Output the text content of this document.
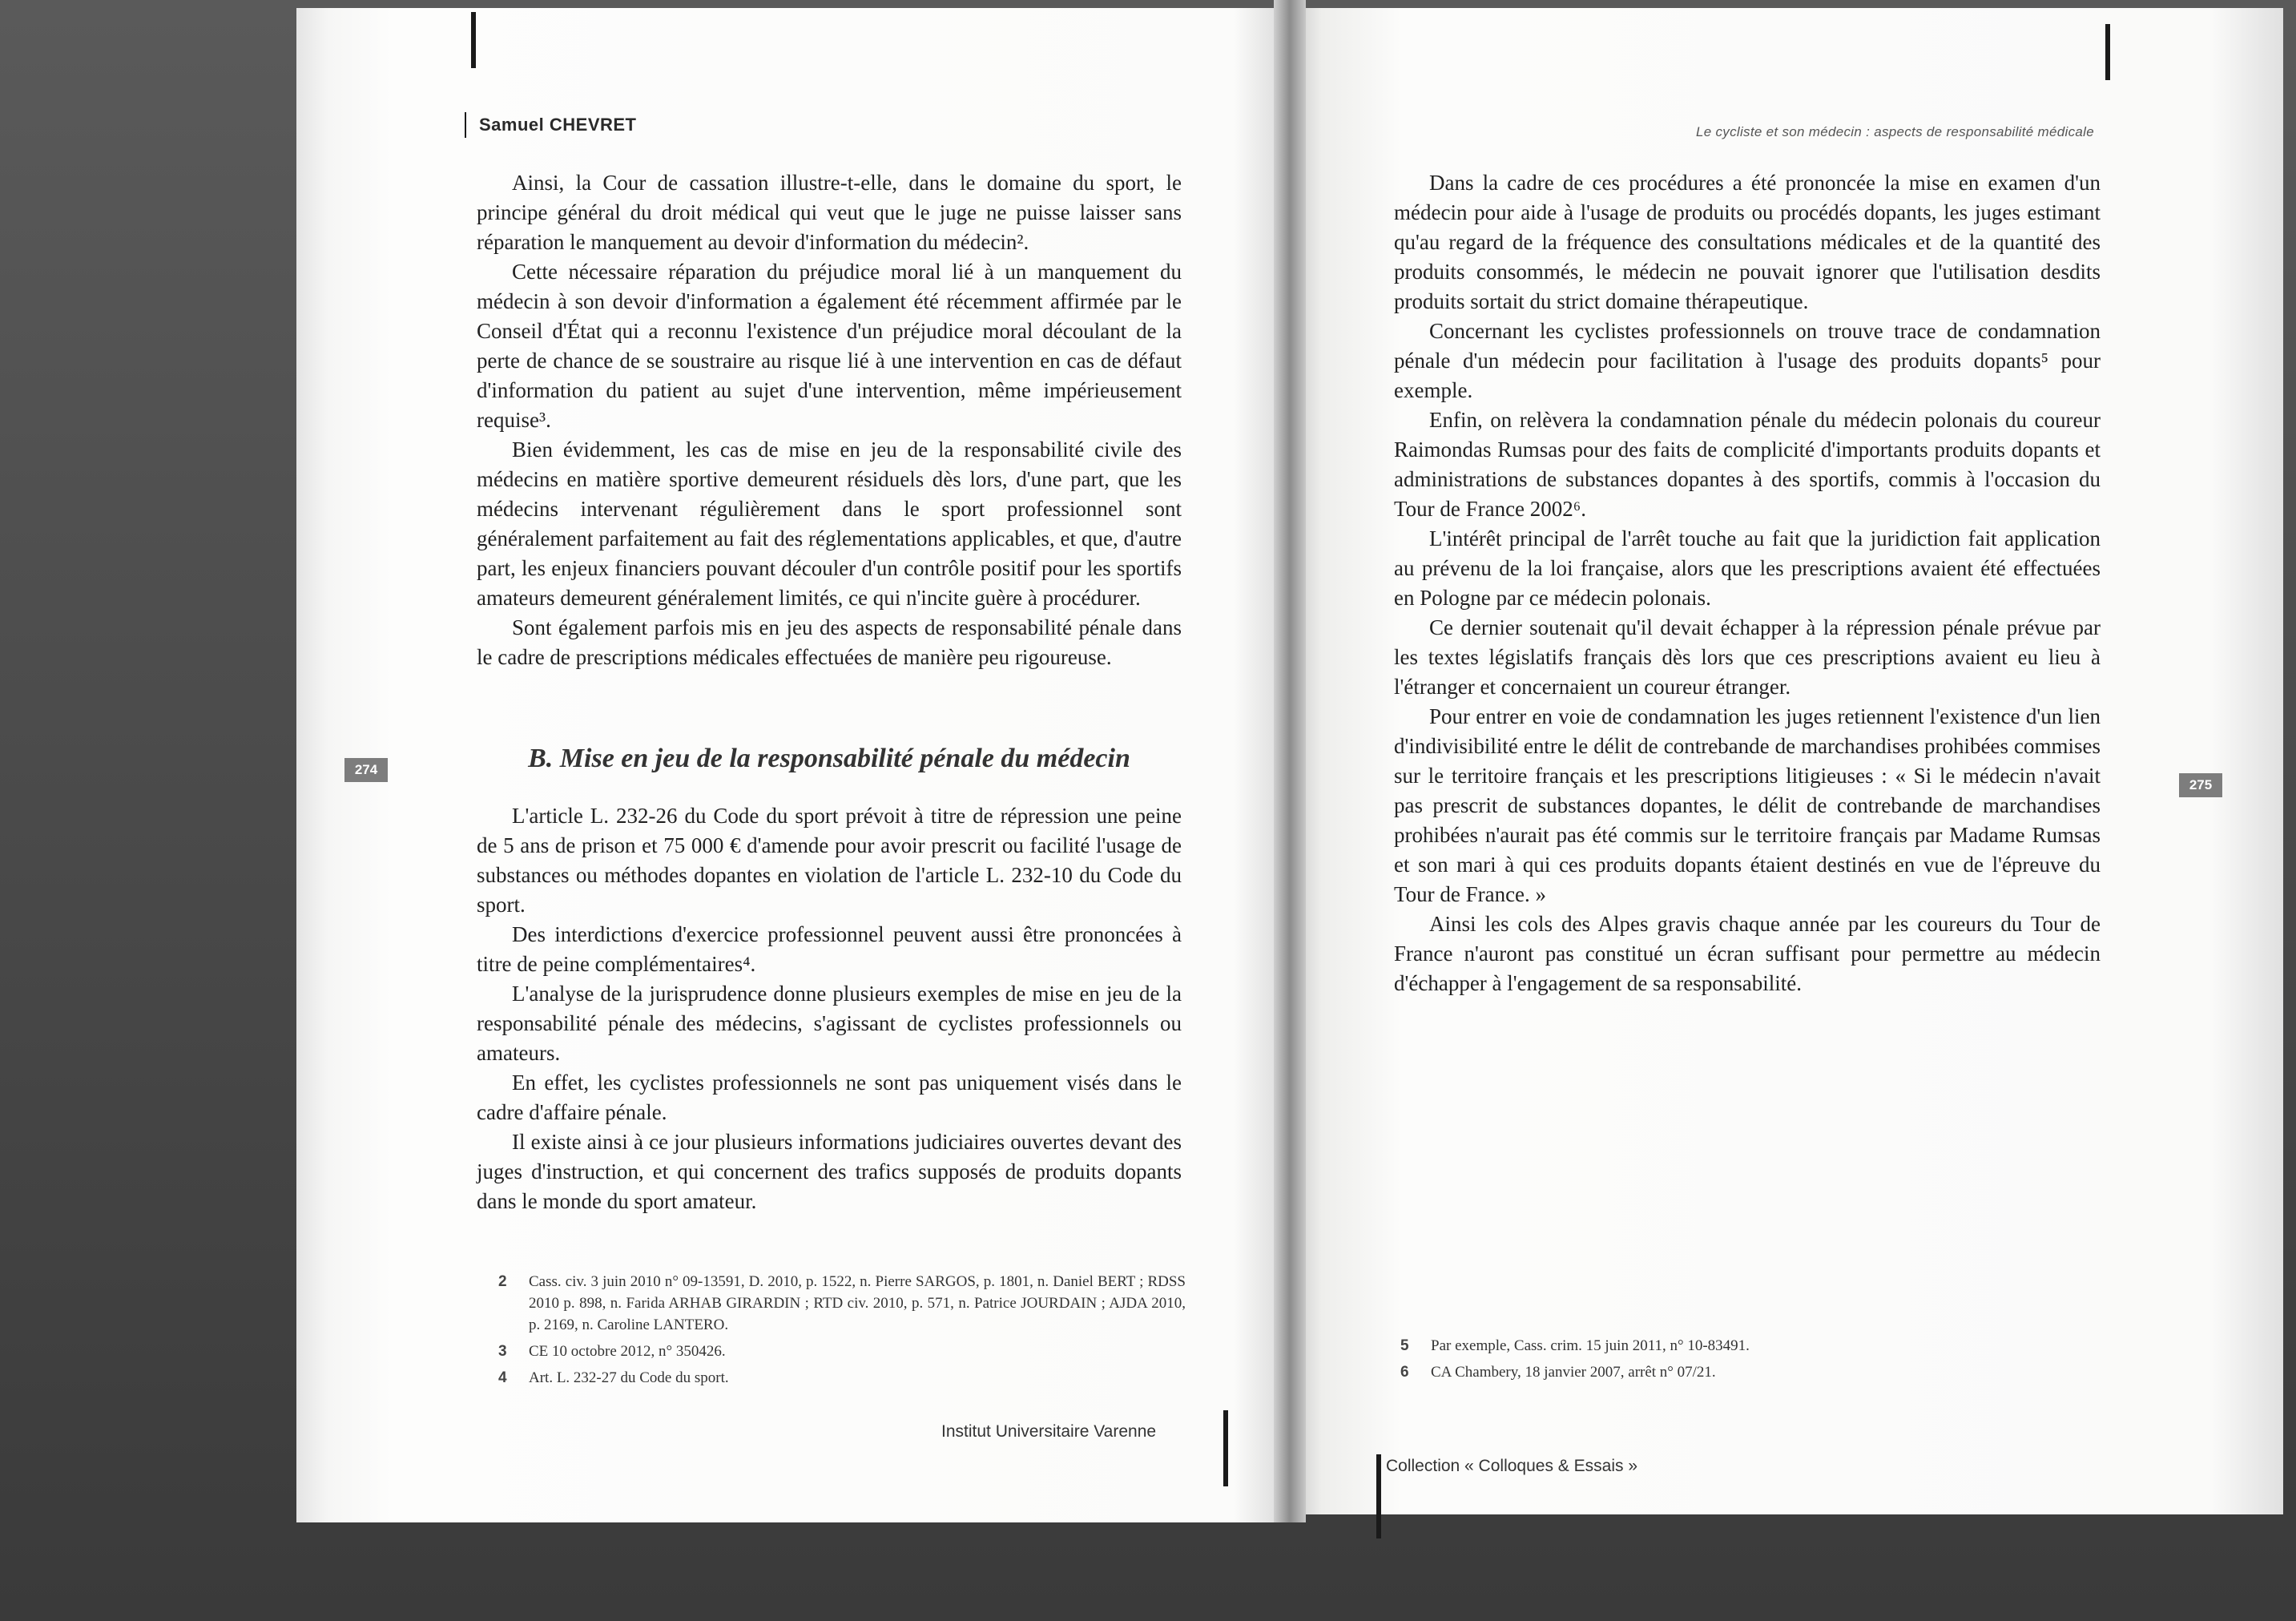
Samuel CHEVRET	Le cycliste et son médecin : aspects de responsabilité médicale
274
275

Ainsi, la Cour de cassation illustre-t-elle, dans le domaine du sport, le principe général du droit médical qui veut que le juge ne puisse laisser sans réparation le manquement au devoir d'information du médecin².

Cette nécessaire réparation du préjudice moral lié à un manquement du médecin à son devoir d'information a également été récemment affirmée par le Conseil d'État qui a reconnu l'existence d'un préjudice moral découlant de la perte de chance de se soustraire au risque lié à une intervention en cas de défaut d'information du patient au sujet d'une intervention, même impérieusement requise³.

Bien évidemment, les cas de mise en jeu de la responsabilité civile des médecins en matière sportive demeurent résiduels dès lors, d'une part, que les médecins intervenant régulièrement dans le sport professionnel sont généralement parfaitement au fait des réglementations applicables, et que, d'autre part, les enjeux financiers pouvant découler d'un contrôle positif pour les sportifs amateurs demeurent généralement limités, ce qui n'incite guère à procédurer.

Sont également parfois mis en jeu des aspects de responsabilité pénale dans le cadre de prescriptions médicales effectuées de manière peu rigoureuse.

B. Mise en jeu de la responsabilité pénale du médecin

L'article L. 232-26 du Code du sport prévoit à titre de répression une peine de 5 ans de prison et 75 000 € d'amende pour avoir prescrit ou facilité l'usage de substances ou méthodes dopantes en violation de l'article L. 232-10 du Code du sport.

Des interdictions d'exercice professionnel peuvent aussi être prononcées à titre de peine complémentaires⁴.

L'analyse de la jurisprudence donne plusieurs exemples de mise en jeu de la responsabilité pénale des médecins, s'agissant de cyclistes professionnels ou amateurs.

En effet, les cyclistes professionnels ne sont pas uniquement visés dans le cadre d'affaire pénale.

Il existe ainsi à ce jour plusieurs informations judiciaires ouvertes devant des juges d'instruction, et qui concernent des trafics supposés de produits dopants dans le monde du sport amateur.

2 Cass. civ. 3 juin 2010 n° 09-13591, D. 2010, p. 1522, n. Pierre SARGOS, p. 1801, n. Daniel BERT ; RDSS 2010 p. 898, n. Farida ARHAB GIRARDIN ; RTD civ. 2010, p. 571, n. Patrice JOURDAIN ; AJDA 2010, p. 2169, n. Caroline LANTERO.
3 CE 10 octobre 2012, n° 350426.
4 Art. L. 232-27 du Code du sport.
Institut Universitaire Varenne

Dans la cadre de ces procédures a été prononcée la mise en examen d'un médecin pour aide à l'usage de produits ou procédés dopants, les juges estimant qu'au regard de la fréquence des consultations médicales et de la quantité des produits consommés, le médecin ne pouvait ignorer que l'utilisation desdits produits sortait du strict domaine thérapeutique.

Concernant les cyclistes professionnels on trouve trace de condamnation pénale d'un médecin pour facilitation à l'usage des produits dopants⁵ pour exemple.

Enfin, on relèvera la condamnation pénale du médecin polonais du coureur Raimondas Rumsas pour des faits de complicité d'importants produits dopants et administrations de substances dopantes à des sportifs, commis à l'occasion du Tour de France 2002⁶.

L'intérêt principal de l'arrêt touche au fait que la juridiction fait application au prévenu de la loi française, alors que les prescriptions avaient été effectuées en Pologne par ce médecin polonais.

Ce dernier soutenait qu'il devait échapper à la répression pénale prévue par les textes législatifs français dès lors que ces prescriptions avaient eu lieu à l'étranger et concernaient un coureur étranger.

Pour entrer en voie de condamnation les juges retiennent l'existence d'un lien d'indivisibilité entre le délit de contrebande de marchandises prohibées commises sur le territoire français et les prescriptions litigieuses : « Si le médecin n'avait pas prescrit de substances dopantes, le délit de contrebande de marchandises prohibées n'aurait pas été commis sur le territoire français par Madame Rumsas et son mari à qui ces produits dopants étaient destinés en vue de l'épreuve du Tour de France. »

Ainsi les cols des Alpes gravis chaque année par les coureurs du Tour de France n'auront pas constitué un écran suffisant pour permettre au médecin d'échapper à l'engagement de sa responsabilité.

5 Par exemple, Cass. crim. 15 juin 2011, n° 10-83491.
6 CA Chambery, 18 janvier 2007, arrêt n° 07/21.
Collection « Colloques & Essais »
